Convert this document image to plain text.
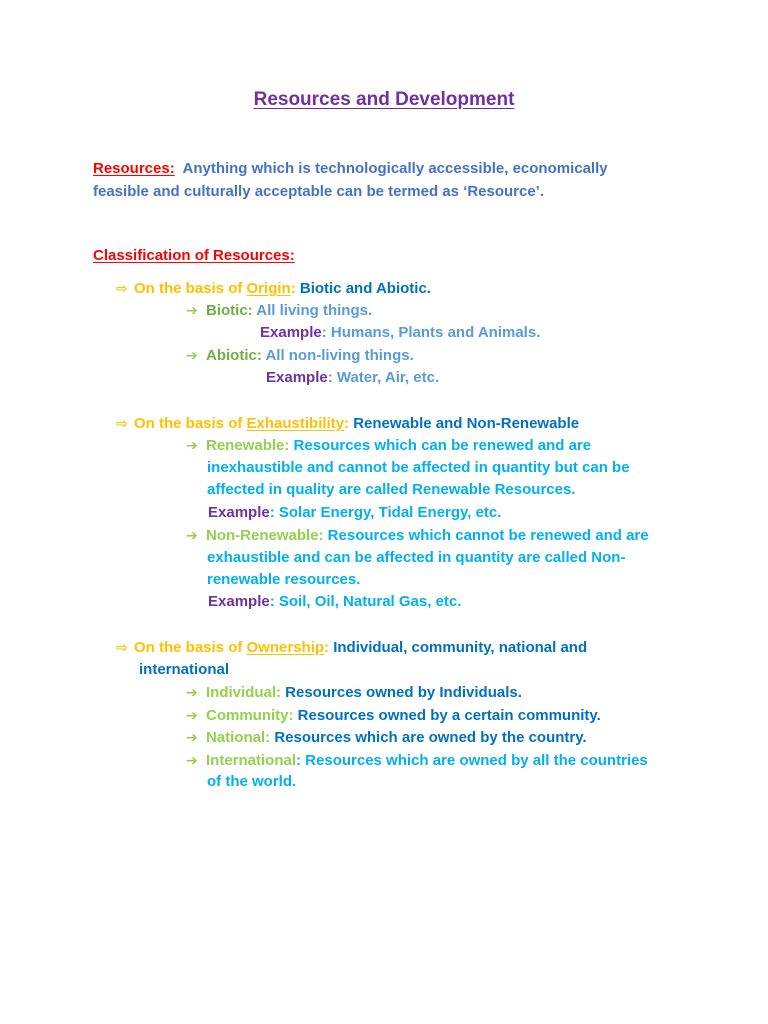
Resources and Development
Resources: Anything which is technologically accessible, economically
feasible and culturally acceptable can be termed as ‘Resource’.
Classification of Resources:
⇨ On the basis of Origin: Biotic and Abiotic.
➔ Biotic: All living things.
Example: Humans, Plants and Animals.
➔ Abiotic: All non-living things.
Example: Water, Air, etc.
⇨ On the basis of Exhaustibility: Renewable and Non-Renewable
➔ Renewable: Resources which can be renewed and are
inexhaustible and cannot be affected in quantity but can be
affected in quality are called Renewable Resources.
Example: Solar Energy, Tidal Energy, etc.
➔ Non-Renewable: Resources which cannot be renewed and are
exhaustible and can be affected in quantity are called Non-
renewable resources.
Example: Soil, Oil, Natural Gas, etc.
⇨ On the basis of Ownership: Individual, community, national and
international
➔ Individual: Resources owned by Individuals.
➔ Community: Resources owned by a certain community.
➔ National: Resources which are owned by the country.
➔ International: Resources which are owned by all the countries
of the world.
